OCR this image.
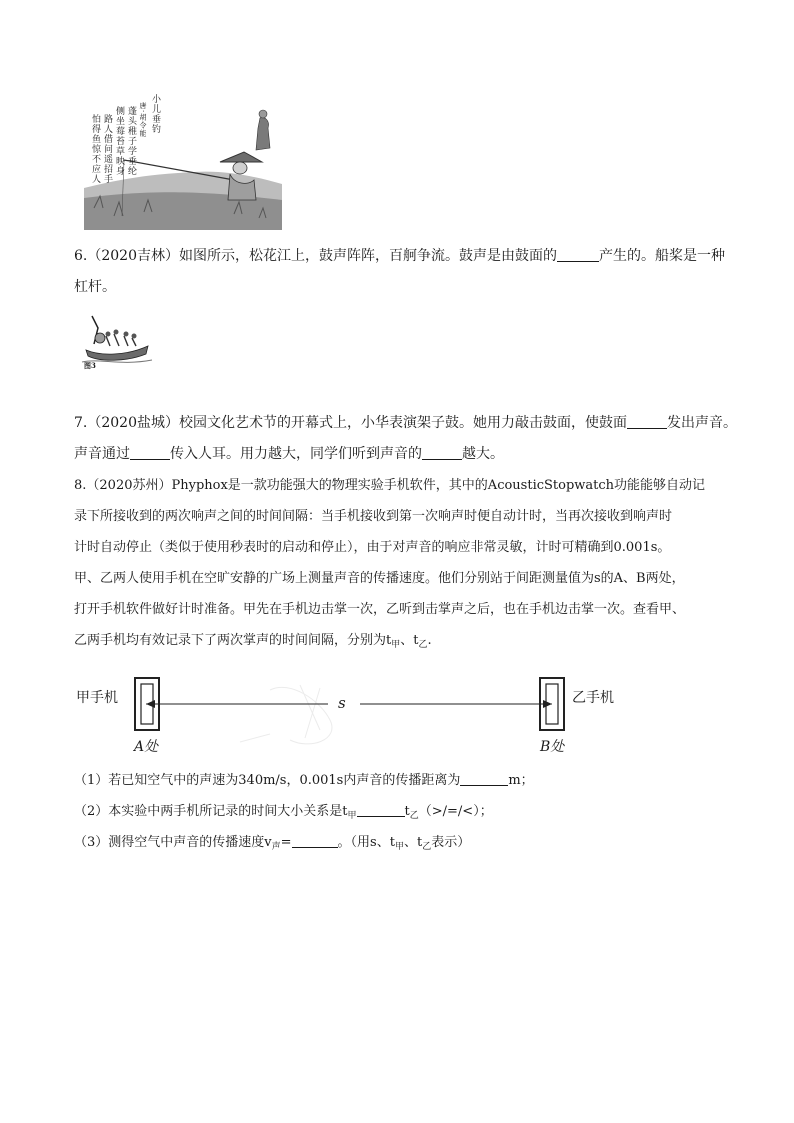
小儿垂钓
唐·胡令能
蓬头稚子学垂纶
侧坐莓苔草映身
路人借问遥招手
怕得鱼惊不应人
6.（2020吉林）如图所示，松花江上，鼓声阵阵，百舸争流。鼓声是由鼓面的	产生的。船桨是一种
杠杆。
图3
7.（2020盐城）校园文化艺术节的开幕式上，小华表演架子鼓。她用力敲击鼓面，使鼓面	发出声音。
声音通过	传入人耳。用力越大，同学们听到声音的	越大。
8.（2020苏州）Phyphox是一款功能强大的物理实验手机软件，其中的AcousticStopwatch功能能够自动记
录下所接收到的两次响声之间的时间间隔：当手机接收到第一次响声时便自动计时，当再次接收到响声时
计时自动停止（类似于使用秒表时的启动和停止），由于对声音的响应非常灵敏，计时可精确到0.001s。
甲、乙两人使用手机在空旷安静的广场上测量声音的传播速度。他们分别站于间距测量值为s的A、B两处，
打开手机软件做好计时准备。甲先在手机边击掌一次，乙听到击掌声之后，也在手机边击掌一次。查看甲、
乙两手机均有效记录下了两次掌声的时间间隔，分别为$t_甲$、$t_乙$.
甲手机	乙手机
s
A处	B处
（1）若已知空气中的声速为340m/s，0.001s内声音的传播距离为	m；
（2）本实验中两手机所记录的时间大小关系是$t_甲$	$t_乙(>/=/<)$；
（3）测得空气中声音的传播速度$v_声=$	。（用s、$t_甲$、$t_乙$表示）
